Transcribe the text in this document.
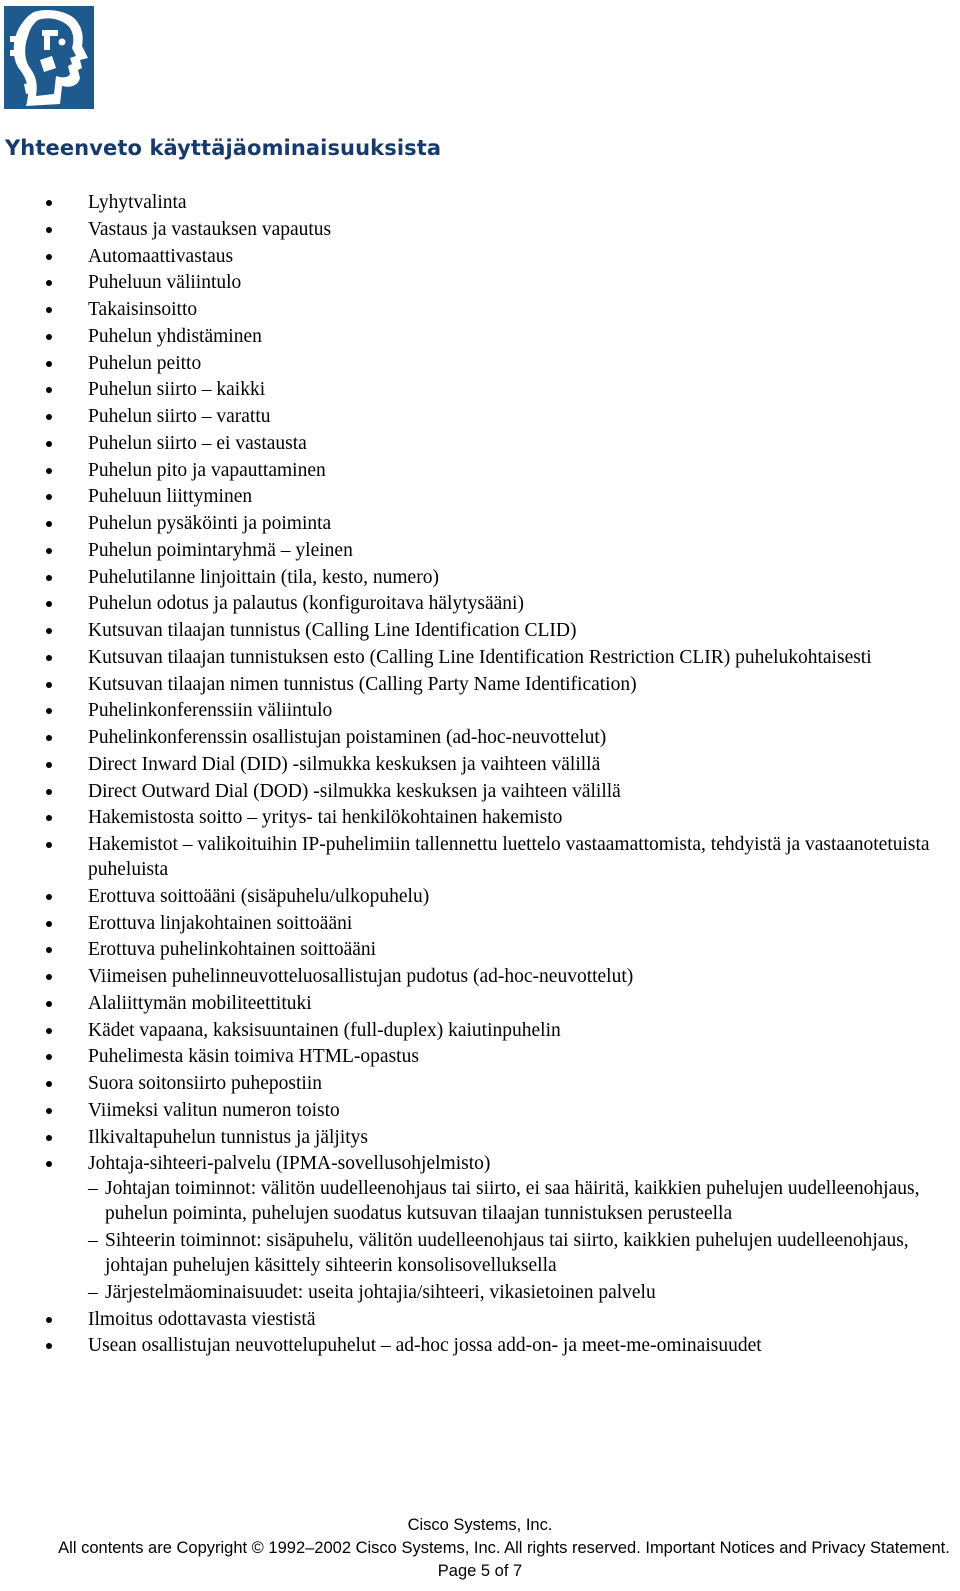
Yhteenveto käyttäjäominaisuuksista
Lyhytvalinta
Vastaus ja vastauksen vapautus
Automaattivastaus
Puheluun väliintulo
Takaisinsoitto
Puhelun yhdistäminen
Puhelun peitto
Puhelun siirto – kaikki
Puhelun siirto – varattu
Puhelun siirto – ei vastausta
Puhelun pito ja vapauttaminen
Puheluun liittyminen
Puhelun pysäköinti ja poiminta
Puhelun poimintaryhmä – yleinen
Puhelutilanne linjoittain (tila, kesto, numero)
Puhelun odotus ja palautus (konfiguroitava hälytysääni)
Kutsuvan tilaajan tunnistus (Calling Line Identification CLID)
Kutsuvan tilaajan tunnistuksen esto (Calling Line Identification Restriction CLIR) puhelukohtaisesti
Kutsuvan tilaajan nimen tunnistus (Calling Party Name Identification)
Puhelinkonferenssiin väliintulo
Puhelinkonferenssin osallistujan poistaminen (ad-hoc-neuvottelut)
Direct Inward Dial (DID) -silmukka keskuksen ja vaihteen välillä
Direct Outward Dial (DOD) -silmukka keskuksen ja vaihteen välillä
Hakemistosta soitto – yritys- tai henkilökohtainen hakemisto
Hakemistot – valikoituihin IP-puhelimiin tallennettu luettelo vastaamattomista, tehdyistä ja vastaanotetuista puheluista
Erottuva soittoääni (sisäpuhelu/ulkopuhelu)
Erottuva linjakohtainen soittoääni
Erottuva puhelinkohtainen soittoääni
Viimeisen puhelinneuvotteluosallistujan pudotus (ad-hoc-neuvottelut)
Alaliittymän mobiliteettituki
Kädet vapaana, kaksisuuntainen (full-duplex) kaiutinpuhelin
Puhelimesta käsin toimiva HTML-opastus
Suora soitonsiirto puhepostiin
Viimeksi valitun numeron toisto
Ilkivaltapuhelun tunnistus ja jäljitys
Johtaja-sihteeri-palvelu (IPMA-sovellusohjelmisto)
– Johtajan toiminnot: välitön uudelleenohjaus tai siirto, ei saa häiritä, kaikkien puhelujen uudelleenohjaus, puhelun poiminta, puhelujen suodatus kutsuvan tilaajan tunnistuksen perusteella
– Sihteerin toiminnot: sisäpuhelu, välitön uudelleenohjaus tai siirto, kaikkien puhelujen uudelleenohjaus, johtajan puhelujen käsittely sihteerin konsolisovelluksella
– Järjestelmäominaisuudet: useita johtajia/sihteeri, vikasietoinen palvelu
Ilmoitus odottavasta viestistä
Usean osallistujan neuvottelupuhelut – ad-hoc jossa add-on- ja meet-me-ominaisuudet
Cisco Systems, Inc.
All contents are Copyright © 1992–2002 Cisco Systems, Inc. All rights reserved. Important Notices and Privacy Statement.
Page 5 of 7
